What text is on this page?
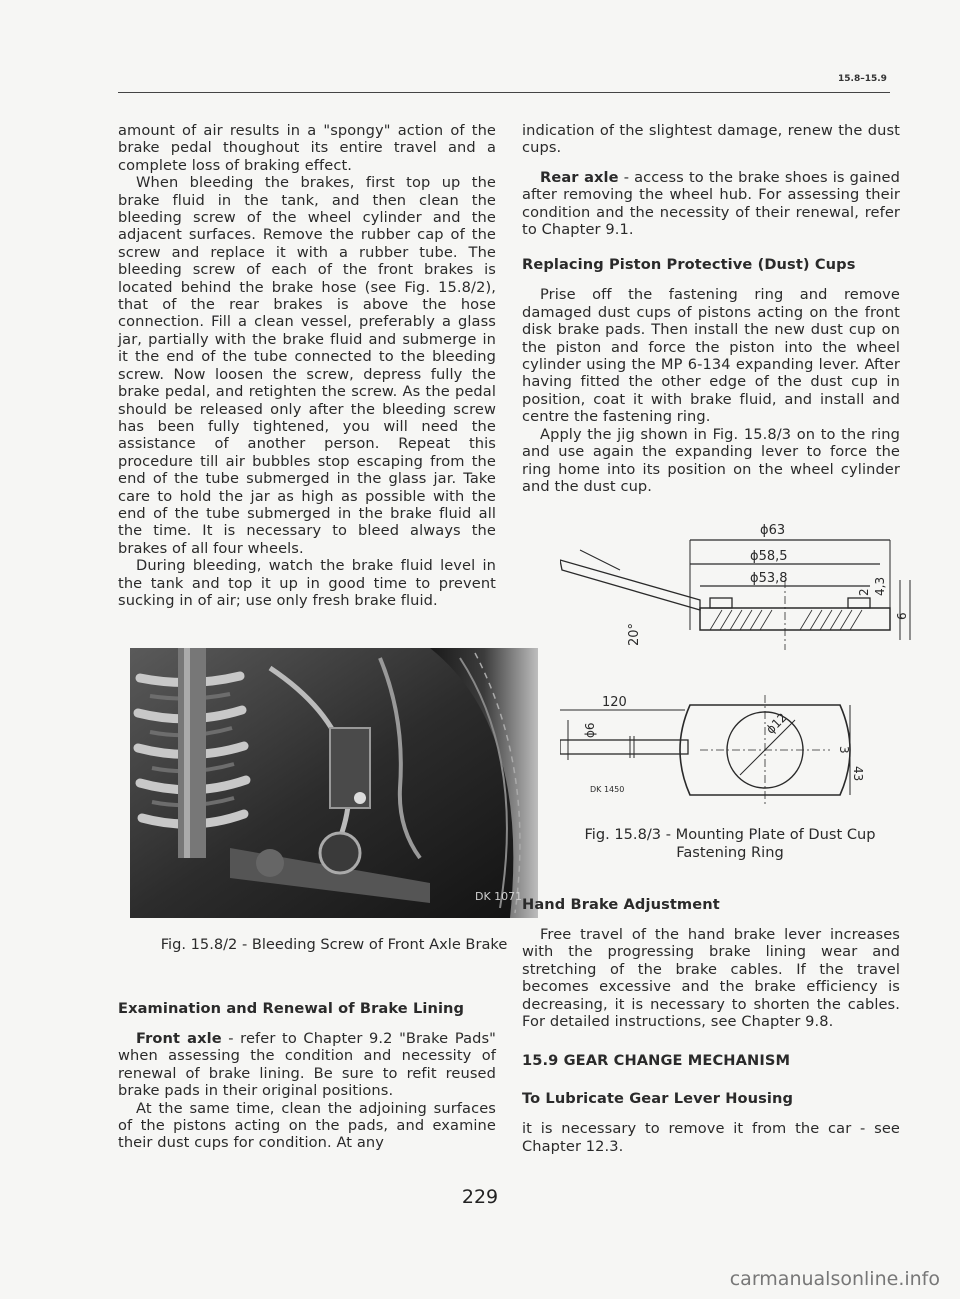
15.8–15.9

amount of air results in a "spongy" action of the brake pedal thoughout its entire travel and a complete loss of braking effect.

When bleeding the brakes, first top up the brake fluid in the tank, and then clean the bleeding screw of the wheel cylinder and the adjacent surfaces. Remove the rubber cap of the screw and replace it with a rubber tube. The bleeding screw of each of the front brakes is located behind the brake hose (see Fig. 15.8/2), that of the rear brakes is above the hose connection. Fill a clean vessel, preferably a glass jar, partially with the brake fluid and submerge in it the end of the tube connected to the bleeding screw. Now loosen the screw, depress fully the brake pedal, and retighten the screw. As the pedal should be released only after the bleeding screw has been fully tightened, you will need the assistance of another person. Repeat this procedure till air bubbles stop escaping from the end of the tube submerged in the glass jar. Take care to hold the jar as high as possible with the end of the tube submerged in the brake fluid all the time. It is necessary to bleed always the brakes of all four wheels.

During bleeding, watch the brake fluid level in the tank and top it up in good time to prevent sucking in of air; use only fresh brake fluid.

DK 1071
Fig. 15.8/2 - Bleeding Screw of Front Axle Brake

Examination and Renewal of Brake Lining

Front axle - refer to Chapter 9.2 "Brake Pads" when assessing the condition and necessity of renewal of brake lining. Be sure to refit reused brake pads in their original positions.

At the same time, clean the adjoining surfaces of the pistons acting on the pads, and examine their dust cups for condition. At any

indication of the slightest damage, renew the dust cups.

Rear axle - access to the brake shoes is gained after removing the wheel hub. For assessing their condition and the necessity of their renewal, refer to Chapter 9.1.

Replacing Piston Protective (Dust) Cups

Prise off the fastening ring and remove damaged dust cups of pistons acting on the front disk brake pads. Then install the new dust cup on the piston and force the piston into the wheel cylinder using the MP 6-134 expanding lever. After having fitted the other edge of the dust cup in position, coat it with brake fluid, and install and centre the fastening ring.

Apply the jig shown in Fig. 15.8/3 on to the ring and use again the expanding lever to force the ring home into its position on the wheel cylinder and the dust cup.

ϕ63
ϕ58,5
ϕ53,8
2 4,3
6
20°
120
ϕ6	ϕ12
3
43
DK 1450
Fig. 15.8/3 - Mounting Plate of Dust Cup Fastening Ring

Hand Brake Adjustment

Free travel of the hand brake lever increases with the progressing brake lining wear and stretching of the brake cables. If the travel becomes excessive and the brake efficiency is decreasing, it is necessary to shorten the cables. For detailed instructions, see Chapter 9.8.

15.9 GEAR CHANGE MECHANISM

To Lubricate Gear Lever Housing

it is necessary to remove it from the car - see Chapter 12.3.

229
carmanualsonline.info
